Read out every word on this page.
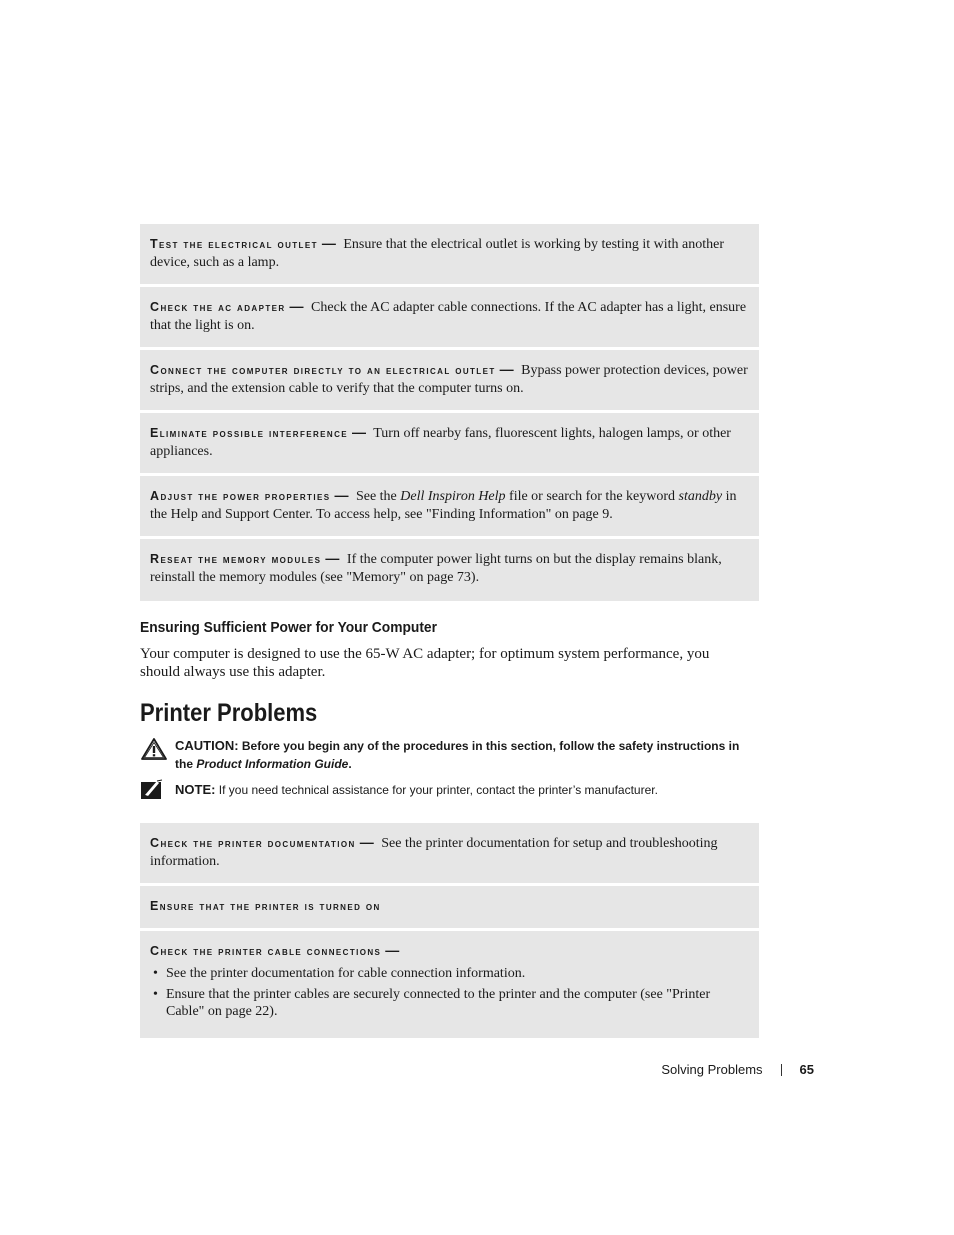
Test the electrical outlet — Ensure that the electrical outlet is working by testing it with another device, such as a lamp.
Check the ac adapter — Check the AC adapter cable connections. If the AC adapter has a light, ensure that the light is on.
Connect the computer directly to an electrical outlet — Bypass power protection devices, power strips, and the extension cable to verify that the computer turns on.
Eliminate possible interference — Turn off nearby fans, fluorescent lights, halogen lamps, or other appliances.
Adjust the power properties — See the Dell Inspiron Help file or search for the keyword standby in the Help and Support Center. To access help, see "Finding Information" on page 9.
Reseat the memory modules — If the computer power light turns on but the display remains blank, reinstall the memory modules (see "Memory" on page 73).
Ensuring Sufficient Power for Your Computer

Your computer is designed to use the 65-W AC adapter; for optimum system performance, you should always use this adapter.

Printer Problems
CAUTION: Before you begin any of the procedures in this section, follow the safety instructions in the Product Information Guide.
NOTE: If you need technical assistance for your printer, contact the printer’s manufacturer.
Check the printer documentation — See the printer documentation for setup and troubleshooting information.
Ensure that the printer is turned on
Check the printer cable connections —
• See the printer documentation for cable connection information.
• Ensure that the printer cables are securely connected to the printer and the computer (see "Printer Cable" on page 22).
Solving Problems	65
